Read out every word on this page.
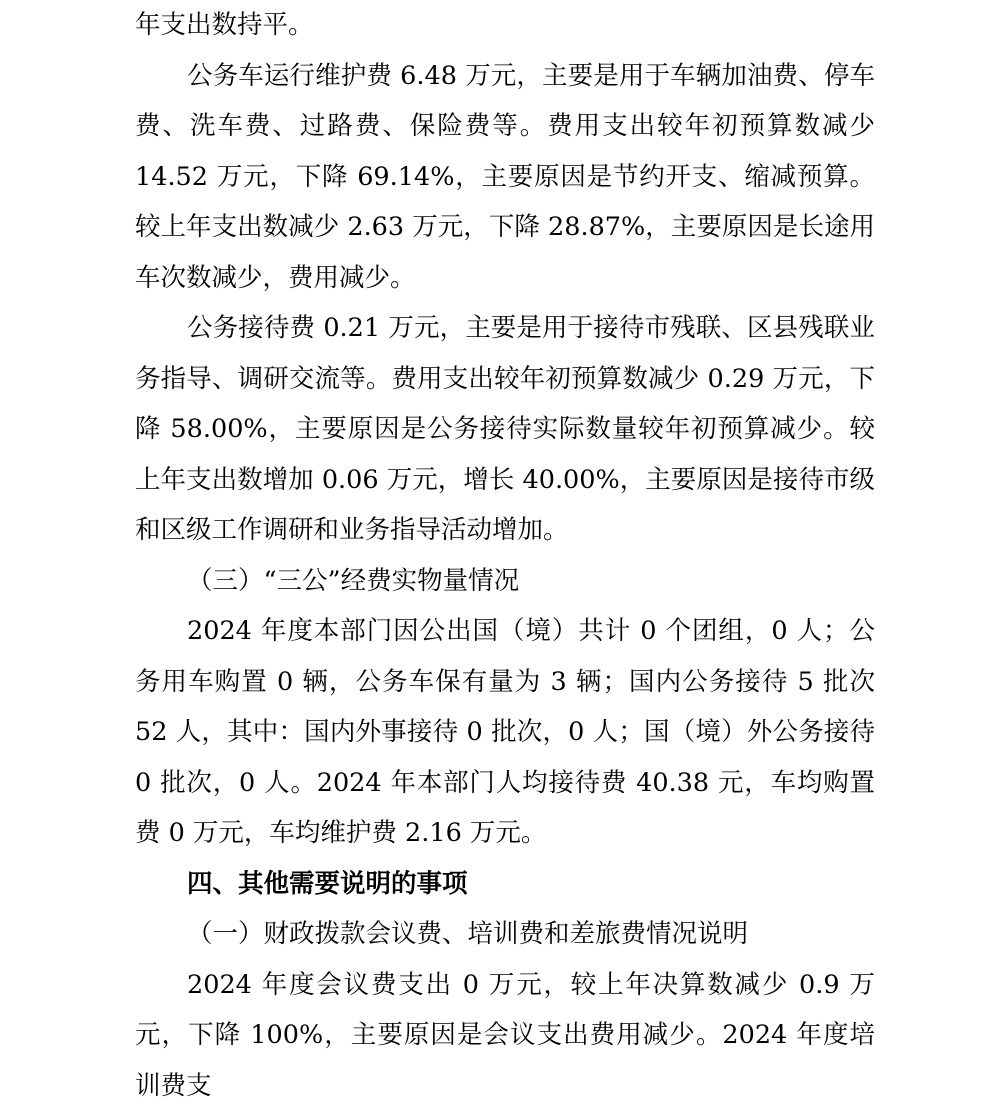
年支出数持平。

公务车运行维护费 6.48 万元，主要是用于车辆加油费、停车费、洗车费、过路费、保险费等。费用支出较年初预算数减少 14.52 万元，下降 69.14%，主要原因是节约开支、缩减预算。较上年支出数减少 2.63 万元，下降 28.87%，主要原因是长途用车次数减少，费用减少。

公务接待费 0.21 万元，主要是用于接待市残联、区县残联业务指导、调研交流等。费用支出较年初预算数减少 0.29 万元，下降 58.00%，主要原因是公务接待实际数量较年初预算减少。较上年支出数增加 0.06 万元，增长 40.00%，主要原因是接待市级和区级工作调研和业务指导活动增加。

（三）“三公”经费实物量情况

2024 年度本部门因公出国（境）共计 0 个团组，0 人；公务用车购置 0 辆，公务车保有量为 3 辆；国内公务接待 5 批次 52 人，其中：国内外事接待 0 批次，0 人；国（境）外公务接待 0 批次，0 人。2024 年本部门人均接待费 40.38 元，车均购置费 0 万元，车均维护费 2.16 万元。

四、其他需要说明的事项

（一）财政拨款会议费、培训费和差旅费情况说明

2024 年度会议费支出 0 万元，较上年决算数减少 0.9 万元，下降 100%，主要原因是会议支出费用减少。2024 年度培训费支
